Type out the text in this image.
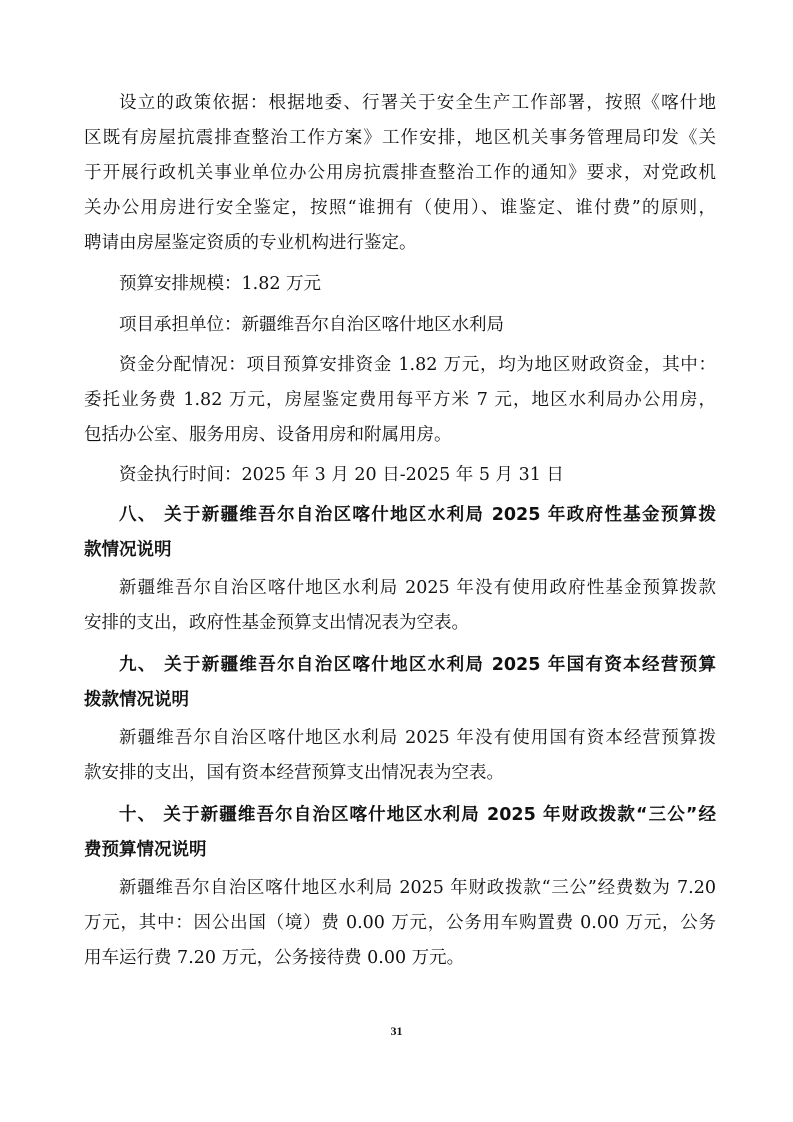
设立的政策依据：根据地委、行署关于安全生产工作部署，按照《喀什地
区既有房屋抗震排查整治工作方案》工作安排，地区机关事务管理局印发《关
于开展行政机关事业单位办公用房抗震排查整治工作的通知》要求，对党政机
关办公用房进行安全鉴定，按照“谁拥有（使用）、谁鉴定、谁付费”的原则，
聘请由房屋鉴定资质的专业机构进行鉴定。
预算安排规模：1.82 万元
项目承担单位：新疆维吾尔自治区喀什地区水利局
资金分配情况：项目预算安排资金 1.82 万元，均为地区财政资金，其中：
委托业务费 1.82 万元，房屋鉴定费用每平方米 7 元，地区水利局办公用房，
包括办公室、服务用房、设备用房和附属用房。
资金执行时间：2025 年 3 月 20 日-2025 年 5 月 31 日
八、 关于新疆维吾尔自治区喀什地区水利局 2025 年政府性基金预算拨
款情况说明
新疆维吾尔自治区喀什地区水利局 2025 年没有使用政府性基金预算拨款
安排的支出，政府性基金预算支出情况表为空表。
九、 关于新疆维吾尔自治区喀什地区水利局 2025 年国有资本经营预算
拨款情况说明
新疆维吾尔自治区喀什地区水利局 2025 年没有使用国有资本经营预算拨
款安排的支出，国有资本经营预算支出情况表为空表。
十、 关于新疆维吾尔自治区喀什地区水利局 2025 年财政拨款“三公”经
费预算情况说明
新疆维吾尔自治区喀什地区水利局 2025 年财政拨款“三公”经费数为 7.20
万元，其中：因公出国（境）费 0.00 万元，公务用车购置费 0.00 万元，公务
用车运行费 7.20 万元，公务接待费 0.00 万元。
31
